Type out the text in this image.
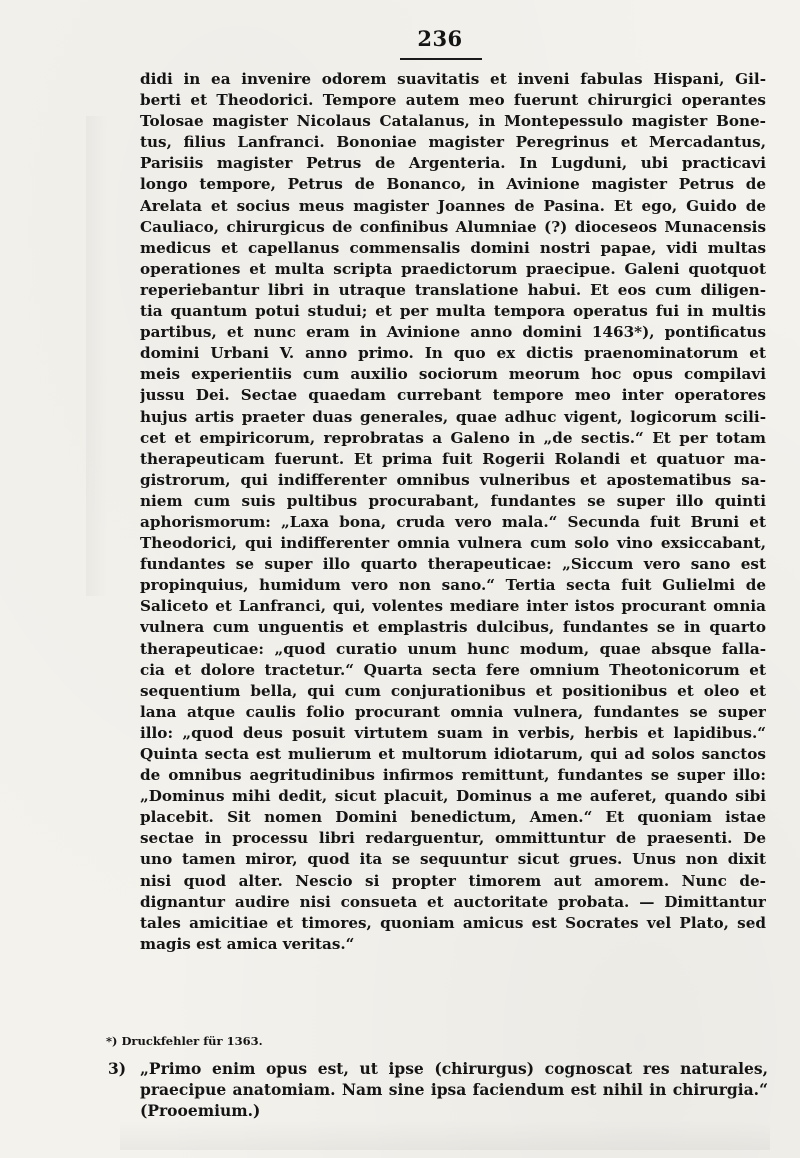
236
didi in ea invenire odorem suavitatis et inveni fabulas Hispani, Gil-
berti et Theodorici. Tempore autem meo fuerunt chirurgici operantes
Tolosae magister Nicolaus Catalanus, in Montepessulo magister Bone-
tus, filius Lanfranci. Bononiae magister Peregrinus et Mercadantus,
Parisiis magister Petrus de Argenteria. In Lugduni, ubi practicavi
longo tempore, Petrus de Bonanco, in Avinione magister Petrus de
Arelata et socius meus magister Joannes de Pasina. Et ego, Guido de
Cauliaco, chirurgicus de confinibus Alumniae (?) dioceseos Munacensis
medicus et capellanus commensalis domini nostri papae, vidi multas
operationes et multa scripta praedictorum praecipue. Galeni quotquot
reperiebantur libri in utraque translatione habui. Et eos cum diligen-
tia quantum potui studui; et per multa tempora operatus fui in multis
partibus, et nunc eram in Avinione anno domini 1463*), pontificatus
domini Urbani V. anno primo. In quo ex dictis praenominatorum et
meis experientiis cum auxilio sociorum meorum hoc opus compilavi
jussu Dei. Sectae quaedam currebant tempore meo inter operatores
hujus artis praeter duas generales, quae adhuc vigent, logicorum scili-
cet et empiricorum, reprobratas a Galeno in „de sectis.“ Et per totam
therapeuticam fuerunt. Et prima fuit Rogerii Rolandi et quatuor ma-
gistrorum, qui indifferenter omnibus vulneribus et apostematibus sa-
niem cum suis pultibus procurabant, fundantes se super illo quinti
aphorismorum: „Laxa bona, cruda vero mala.“ Secunda fuit Bruni et
Theodorici, qui indifferenter omnia vulnera cum solo vino exsiccabant,
fundantes se super illo quarto therapeuticae: „Siccum vero sano est
propinquius, humidum vero non sano.“ Tertia secta fuit Gulielmi de
Saliceto et Lanfranci, qui, volentes mediare inter istos procurant omnia
vulnera cum unguentis et emplastris dulcibus, fundantes se in quarto
therapeuticae: „quod curatio unum hunc modum, quae absque falla-
cia et dolore tractetur.“ Quarta secta fere omnium Theotonicorum et
sequentium bella, qui cum conjurationibus et positionibus et oleo et
lana atque caulis folio procurant omnia vulnera, fundantes se super
illo: „quod deus posuit virtutem suam in verbis, herbis et lapidibus.“
Quinta secta est mulierum et multorum idiotarum, qui ad solos sanctos
de omnibus aegritudinibus infirmos remittunt, fundantes se super illo:
„Dominus mihi dedit, sicut placuit, Dominus a me auferet, quando sibi
placebit. Sit nomen Domini benedictum, Amen.“ Et quoniam istae
sectae in processu libri redarguentur, ommittuntur de praesenti. De
uno tamen miror, quod ita se sequuntur sicut grues. Unus non dixit
nisi quod alter. Nescio si propter timorem aut amorem. Nunc de-
dignantur audire nisi consueta et auctoritate probata. — Dimittantur
tales amicitiae et timores, quoniam amicus est Socrates vel Plato, sed
magis est amica veritas.“
*) Druckfehler für 1363.
3) „Primo enim opus est, ut ipse (chirurgus) cognoscat res naturales,
praecipue anatomiam. Nam sine ipsa faciendum est nihil in chirurgia.“
(Prooemium.)
